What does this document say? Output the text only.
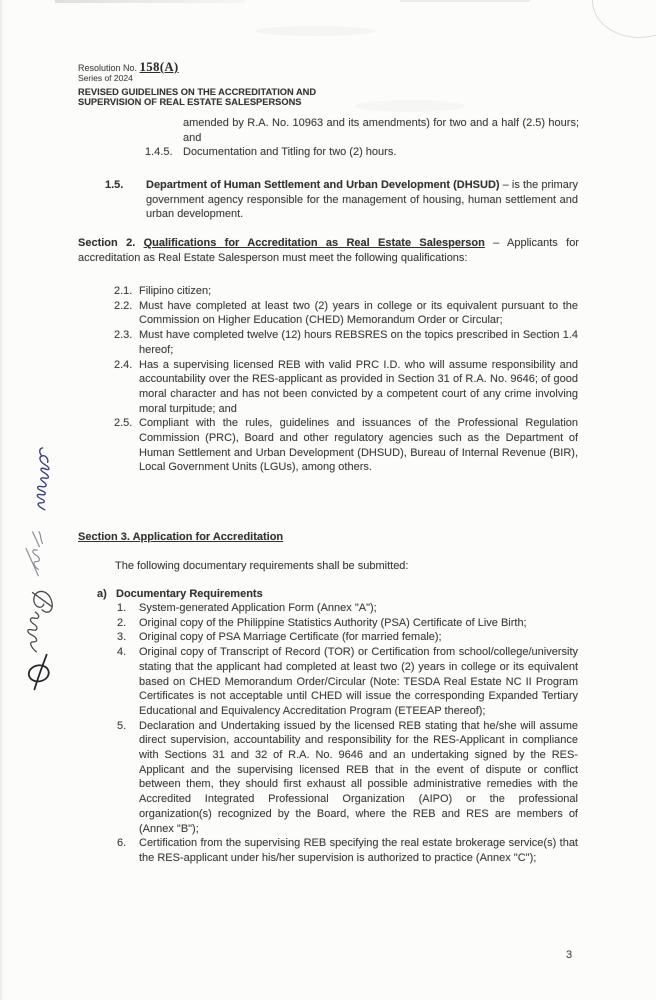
Resolution No. 158(A)
Series of 2024
REVISED GUIDELINES ON THE ACCREDITATION AND
SUPERVISION OF REAL ESTATE SALESPERSONS
amended by R.A. No. 10963 and its amendments) for two and a half (2.5) hours; and
1.4.5. Documentation and Titling for two (2) hours.
1.5.	Department of Human Settlement and Urban Development (DHSUD) – is the primary government agency responsible for the management of housing, human settlement and urban development.
Section 2. Qualifications for Accreditation as Real Estate Salesperson – Applicants for accreditation as Real Estate Salesperson must meet the following qualifications:
2.1. Filipino citizen;
2.2. Must have completed at least two (2) years in college or its equivalent pursuant to the Commission on Higher Education (CHED) Memorandum Order or Circular;
2.3. Must have completed twelve (12) hours REBSRES on the topics prescribed in Section 1.4 hereof;
2.4. Has a supervising licensed REB with valid PRC I.D. who will assume responsibility and accountability over the RES-applicant as provided in Section 31 of R.A. No. 9646; of good moral character and has not been convicted by a competent court of any crime involving moral turpitude; and
2.5. Compliant with the rules, guidelines and issuances of the Professional Regulation Commission (PRC), Board and other regulatory agencies such as the Department of Human Settlement and Urban Development (DHSUD), Bureau of Internal Revenue (BIR), Local Government Units (LGUs), among others.
Section 3. Application for Accreditation
The following documentary requirements shall be submitted:
a) Documentary Requirements
1.	System-generated Application Form (Annex "A");
2.	Original copy of the Philippine Statistics Authority (PSA) Certificate of Live Birth;
3.	Original copy of PSA Marriage Certificate (for married female);
4.	Original copy of Transcript of Record (TOR) or Certification from school/college/university stating that the applicant had completed at least two (2) years in college or its equivalent based on CHED Memorandum Order/Circular (Note: TESDA Real Estate NC II Program Certificates is not acceptable until CHED will issue the corresponding Expanded Tertiary Educational and Equivalency Accreditation Program (ETEEAP thereof);
5.	Declaration and Undertaking issued by the licensed REB stating that he/she will assume direct supervision, accountability and responsibility for the RES-Applicant in compliance with Sections 31 and 32 of R.A. No. 9646 and an undertaking signed by the RES-Applicant and the supervising licensed REB that in the event of dispute or conflict between them, they should first exhaust all possible administrative remedies with the Accredited Integrated Professional Organization (AIPO) or the professional organization(s) recognized by the Board, where the REB and RES are members of (Annex "B");
6.	Certification from the supervising REB specifying the real estate brokerage service(s) that the RES-applicant under his/her supervision is authorized to practice (Annex "C");
3
